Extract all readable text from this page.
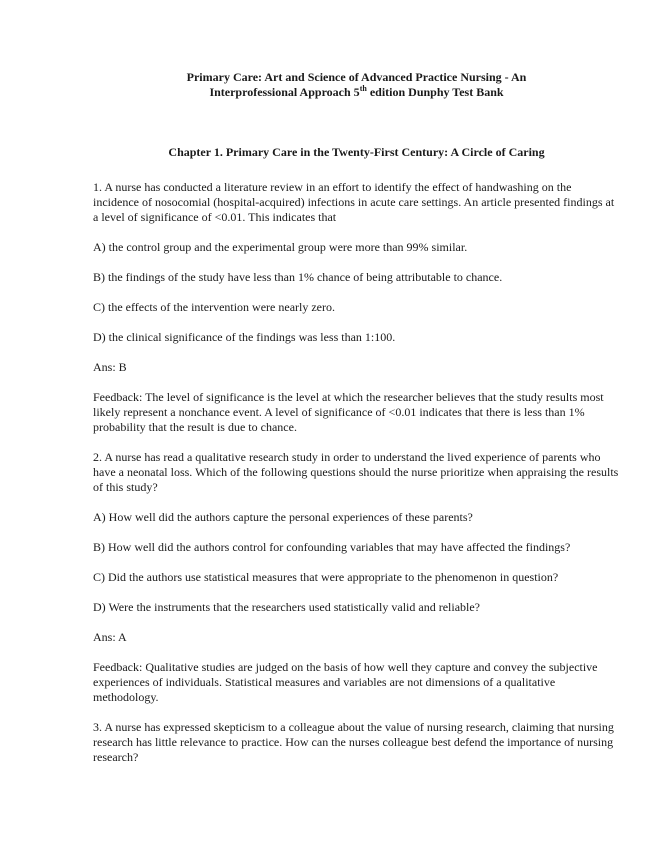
Primary Care: Art and Science of Advanced Practice Nursing - An
Interprofessional Approach 5th edition Dunphy Test Bank
Chapter 1. Primary Care in the Twenty-First Century: A Circle of Caring

1. A nurse has conducted a literature review in an effort to identify the effect of handwashing on the incidence of nosocomial (hospital-acquired) infections in acute care settings. An article presented findings at a level of significance of <0.01. This indicates that

A) the control group and the experimental group were more than 99% similar.

B) the findings of the study have less than 1% chance of being attributable to chance.

C) the effects of the intervention were nearly zero.

D) the clinical significance of the findings was less than 1:100.

Ans: B

Feedback: The level of significance is the level at which the researcher believes that the study results most likely represent a nonchance event. A level of significance of <0.01 indicates that there is less than 1% probability that the result is due to chance.

2. A nurse has read a qualitative research study in order to understand the lived experience of parents who have a neonatal loss. Which of the following questions should the nurse prioritize when appraising the results of this study?

A) How well did the authors capture the personal experiences of these parents?

B) How well did the authors control for confounding variables that may have affected the findings?

C) Did the authors use statistical measures that were appropriate to the phenomenon in question?

D) Were the instruments that the researchers used statistically valid and reliable?

Ans: A

Feedback: Qualitative studies are judged on the basis of how well they capture and convey the subjective experiences of individuals. Statistical measures and variables are not dimensions of a qualitative methodology.

3. A nurse has expressed skepticism to a colleague about the value of nursing research, claiming that nursing research has little relevance to practice. How can the nurses colleague best defend the importance of nursing research?
